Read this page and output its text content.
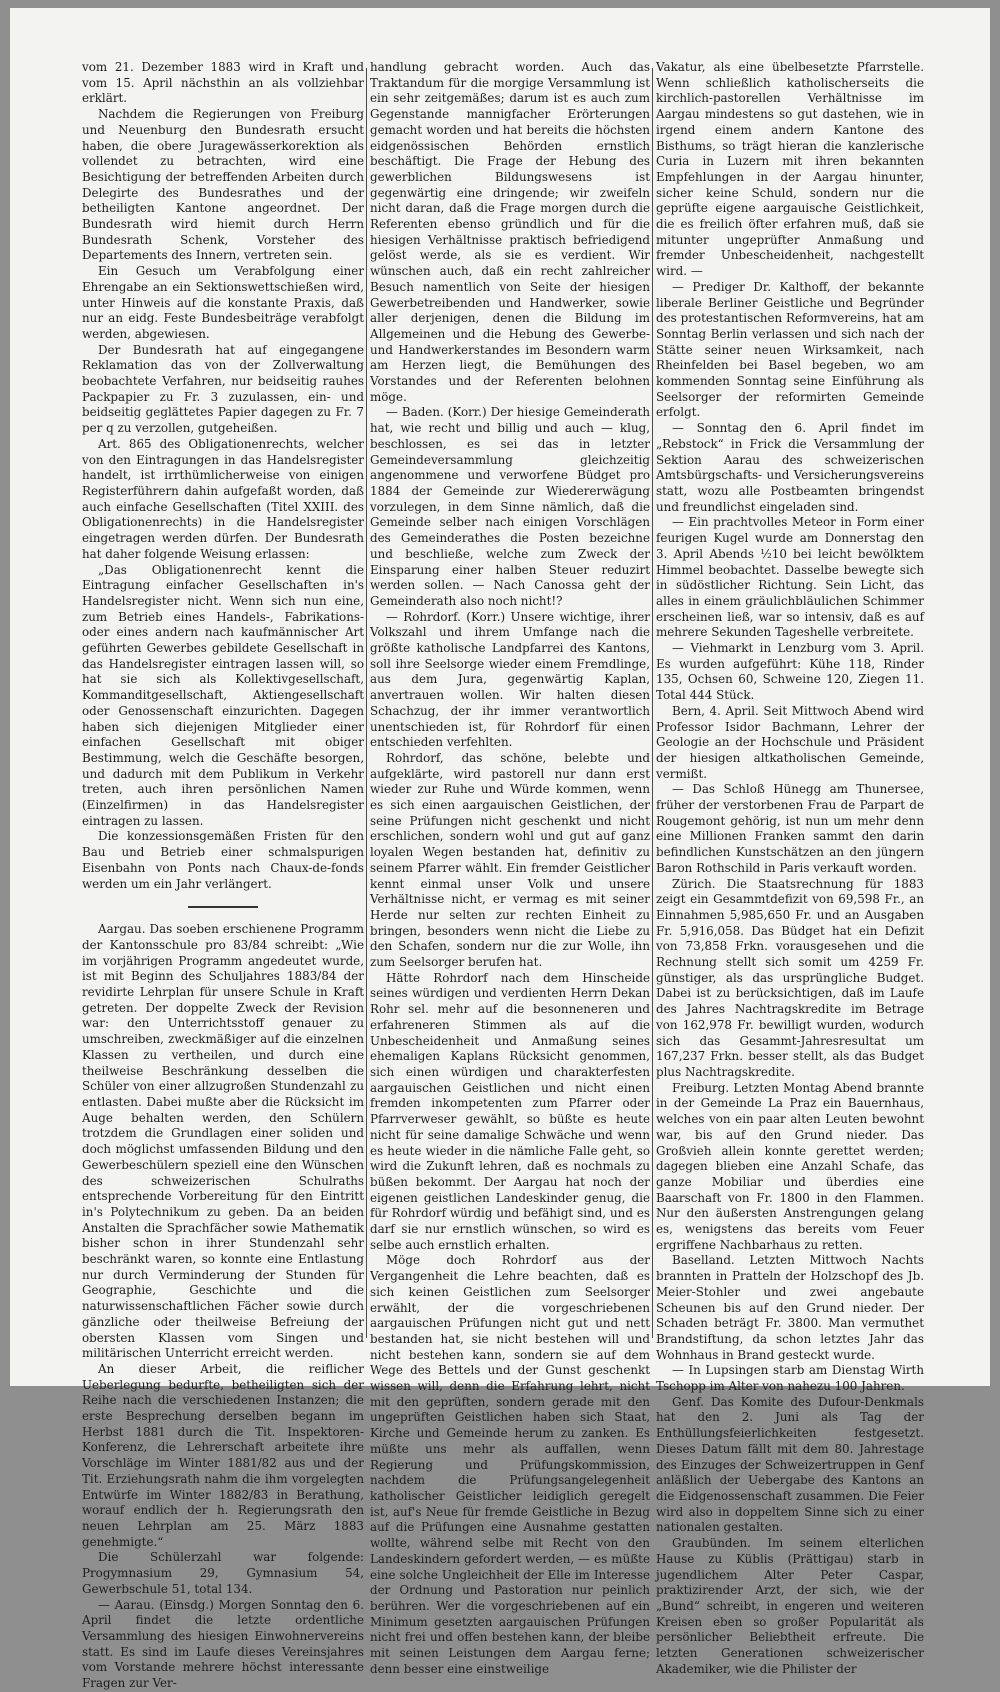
vom 21. Dezember 1883 wird in Kraft und vom 15. April nächsthin an als vollziehbar erklärt.

Nachdem die Regierungen von Freiburg und Neuenburg den Bundesrath ersucht haben, die obere Juragewässerkorektion als vollendet zu betrachten, wird eine Besichtigung der betreffenden Arbeiten durch Delegirte des Bundesrathes und der betheiligten Kantone angeordnet. Der Bundesrath wird hiemit durch Herrn Bundesrath Schenk, Vorsteher des Departements des Innern, vertreten sein.

Ein Gesuch um Verabfolgung einer Ehrengabe an ein Sektionswettschießen wird, unter Hinweis auf die konstante Praxis, daß nur an eidg. Feste Bundesbeiträge verabfolgt werden, abgewiesen.

Der Bundesrath hat auf eingegangene Reklamation das von der Zollverwaltung beobachtete Verfahren, nur beidseitig rauhes Packpapier zu Fr. 3 zuzulassen, ein- und beidseitig geglättetes Papier dagegen zu Fr. 7 per q zu verzollen, gutgeheißen.

Art. 865 des Obligationenrechts, welcher von den Eintragungen in das Handelsregister handelt, ist irrthümlicherweise von einigen Registerführern dahin aufgefaßt worden, daß auch einfache Gesellschaften (Titel XXIII. des Obligationenrechts) in die Handelsregister eingetragen werden dürfen. Der Bundesrath hat daher folgende Weisung erlassen:

„Das Obligationenrecht kennt die Eintragung einfacher Gesellschaften in's Handelsregister nicht. Wenn sich nun eine, zum Betrieb eines Handels-, Fabrikations- oder eines andern nach kaufmännischer Art geführten Gewerbes gebildete Gesellschaft in das Handelsregister eintragen lassen will, so hat sie sich als Kollektivgesellschaft, Kommanditgesellschaft, Aktiengesellschaft oder Genossenschaft einzurichten. Dagegen haben sich diejenigen Mitglieder einer einfachen Gesellschaft mit obiger Bestimmung, welch die Geschäfte besorgen, und dadurch mit dem Publikum in Verkehr treten, auch ihren persönlichen Namen (Einzelfirmen) in das Handelsregister eintragen zu lassen.

Die konzessionsgemäßen Fristen für den Bau und Betrieb einer schmalspurigen Eisenbahn von Ponts nach Chaux-de-fonds werden um ein Jahr verlängert.

Aargau. Das soeben erschienene Programm der Kantonsschule pro 83/84 schreibt: „Wie im vorjährigen Programm angedeutet wurde, ist mit Beginn des Schuljahres 1883/84 der revidirte Lehrplan für unsere Schule in Kraft getreten. Der doppelte Zweck der Revision war: den Unterrichtsstoff genauer zu umschreiben, zweckmäßiger auf die einzelnen Klassen zu vertheilen, und durch eine theilweise Beschränkung desselben die Schüler von einer allzugroßen Stundenzahl zu entlasten. Dabei mußte aber die Rücksicht im Auge behalten werden, den Schülern trotzdem die Grundlagen einer soliden und doch möglichst umfassenden Bildung und den Gewerbeschülern speziell eine den Wünschen des schweizerischen Schulraths entsprechende Vorbereitung für den Eintritt in's Polytechnikum zu geben. Da an beiden Anstalten die Sprachfächer sowie Mathematik bisher schon in ihrer Stundenzahl sehr beschränkt waren, so konnte eine Entlastung nur durch Verminderung der Stunden für Geographie, Geschichte und die naturwissenschaftlichen Fächer sowie durch gänzliche oder theilweise Befreiung der obersten Klassen vom Singen und militärischen Unterricht erreicht werden.

An dieser Arbeit, die reiflicher Ueberlegung bedurfte, betheiligten sich der Reihe nach die verschiedenen Instanzen; die erste Besprechung derselben begann im Herbst 1881 durch die Tit. Inspektoren-Konferenz, die Lehrerschaft arbeitete ihre Vorschläge im Winter 1881/82 aus und der Tit. Erziehungsrath nahm die ihm vorgelegten Entwürfe im Winter 1882/83 in Berathung, worauf endlich der h. Regierungsrath den neuen Lehrplan am 25. März 1883 genehmigte.“

Die Schülerzahl war folgende: Progymnasium 29, Gymnasium 54, Gewerbschule 51, total 134.

— Aarau. (Einsdg.) Morgen Sonntag den 6. April findet die letzte ordentliche Versammlung des hiesigen Einwohnervereins statt. Es sind im Laufe dieses Vereinsjahres vom Vorstande mehrere höchst interessante Fragen zur Ver-

handlung gebracht worden. Auch das Traktandum für die morgige Versammlung ist ein sehr zeitgemäßes; darum ist es auch zum Gegenstande mannigfacher Erörterungen gemacht worden und hat bereits die höchsten eidgenössischen Behörden ernstlich beschäftigt. Die Frage der Hebung des gewerblichen Bildungswesens ist gegenwärtig eine dringende; wir zweifeln nicht daran, daß die Frage morgen durch die Referenten ebenso gründlich und für die hiesigen Verhältnisse praktisch befriedigend gelöst werde, als sie es verdient. Wir wünschen auch, daß ein recht zahlreicher Besuch namentlich von Seite der hiesigen Gewerbetreibenden und Handwerker, sowie aller derjenigen, denen die Bildung im Allgemeinen und die Hebung des Gewerbe- und Handwerkerstandes im Besondern warm am Herzen liegt, die Bemühungen des Vorstandes und der Referenten belohnen möge.

— Baden. (Korr.) Der hiesige Gemeinderath hat, wie recht und billig und auch — klug, beschlossen, es sei das in letzter Gemeindeversammlung gleichzeitig angenommene und verworfene Büdget pro 1884 der Gemeinde zur Wiedererwägung vorzulegen, in dem Sinne nämlich, daß die Gemeinde selber nach einigen Vorschlägen des Gemeinderathes die Posten bezeichne und beschließe, welche zum Zweck der Einsparung einer halben Steuer reduzirt werden sollen. — Nach Canossa geht der Gemeinderath also noch nicht!?

— Rohrdorf. (Korr.) Unsere wichtige, ihrer Volkszahl und ihrem Umfange nach die größte katholische Landpfarrei des Kantons, soll ihre Seelsorge wieder einem Fremdlinge, aus dem Jura, gegenwärtig Kaplan, anvertrauen wollen. Wir halten diesen Schachzug, der ihr immer verantwortlich unentschieden ist, für Rohrdorf für einen entschieden verfehlten.

Rohrdorf, das schöne, belebte und aufgeklärte, wird pastorell nur dann erst wieder zur Ruhe und Würde kommen, wenn es sich einen aargauischen Geistlichen, der seine Prüfungen nicht geschenkt und nicht erschlichen, sondern wohl und gut auf ganz loyalen Wegen bestanden hat, definitiv zu seinem Pfarrer wählt. Ein fremder Geistlicher kennt einmal unser Volk und unsere Verhältnisse nicht, er vermag es mit seiner Herde nur selten zur rechten Einheit zu bringen, besonders wenn nicht die Liebe zu den Schafen, sondern nur die zur Wolle, ihn zum Seelsorger berufen hat.

Hätte Rohrdorf nach dem Hinscheide seines würdigen und verdienten Herrn Dekan Rohr sel. mehr auf die besonneneren und erfahreneren Stimmen als auf die Unbescheidenheit und Anmaßung seines ehemaligen Kaplans Rücksicht genommen, sich einen würdigen und charakterfesten aargauischen Geistlichen und nicht einen fremden inkompetenten zum Pfarrer oder Pfarrverweser gewählt, so büßte es heute nicht für seine damalige Schwäche und wenn es heute wieder in die nämliche Falle geht, so wird die Zukunft lehren, daß es nochmals zu büßen bekommt. Der Aargau hat noch der eigenen geistlichen Landeskinder genug, die für Rohrdorf würdig und befähigt sind, und es darf sie nur ernstlich wünschen, so wird es selbe auch ernstlich erhalten.

Möge doch Rohrdorf aus der Vergangenheit die Lehre beachten, daß es sich keinen Geistlichen zum Seelsorger erwählt, der die vorgeschriebenen aargauischen Prüfungen nicht gut und nett bestanden hat, sie nicht bestehen will und nicht bestehen kann, sondern sie auf dem Wege des Bettels und der Gunst geschenkt wissen will, denn die Erfahrung lehrt, nicht mit den geprüften, sondern gerade mit den ungeprüften Geistlichen haben sich Staat, Kirche und Gemeinde herum zu zanken. Es müßte uns mehr als auffallen, wenn Regierung und Prüfungskommission, nachdem die Prüfungsangelegenheit katholischer Geistlicher leidiglich geregelt ist, auf's Neue für fremde Geistliche in Bezug auf die Prüfungen eine Ausnahme gestatten wollte, während selbe mit Recht von den Landeskindern gefordert werden, — es müßte eine solche Ungleichheit der Elle im Interesse der Ordnung und Pastoration nur peinlich berühren. Wer die vorgeschriebenen auf ein Minimum gesetzten aargauischen Prüfungen nicht frei und offen bestehen kann, der bleibe mit seinen Leistungen dem Aargau ferne; denn besser eine einstweilige

Vakatur, als eine übelbesetzte Pfarrstelle. Wenn schließlich katholischerseits die kirchlich-pastorellen Verhältnisse im Aargau mindestens so gut dastehen, wie in irgend einem andern Kantone des Bisthums, so trägt hieran die kanzlerische Curia in Luzern mit ihren bekannten Empfehlungen in der Aargau hinunter, sicher keine Schuld, sondern nur die geprüfte eigene aargauische Geistlichkeit, die es freilich öfter erfahren muß, daß sie mitunter ungeprüfter Anmaßung und fremder Unbescheidenheit, nachgestellt wird. —

— Prediger Dr. Kalthoff, der bekannte liberale Berliner Geistliche und Begründer des protestantischen Reformvereins, hat am Sonntag Berlin verlassen und sich nach der Stätte seiner neuen Wirksamkeit, nach Rheinfelden bei Basel begeben, wo am kommenden Sonntag seine Einführung als Seelsorger der reformirten Gemeinde erfolgt.

— Sonntag den 6. April findet im „Rebstock“ in Frick die Versammlung der Sektion Aarau des schweizerischen Amtsbürgschafts- und Versicherungsvereins statt, wozu alle Postbeamten bringendst und freundlichst eingeladen sind.

— Ein prachtvolles Meteor in Form einer feurigen Kugel wurde am Donnerstag den 3. April Abends ½10 bei leicht bewölktem Himmel beobachtet. Dasselbe bewegte sich in südöstlicher Richtung. Sein Licht, das alles in einem gräulichbläulichen Schimmer erscheinen ließ, war so intensiv, daß es auf mehrere Sekunden Tageshelle verbreitete.

— Viehmarkt in Lenzburg vom 3. April. Es wurden aufgeführt: Kühe 118, Rinder 135, Ochsen 60, Schweine 120, Ziegen 11. Total 444 Stück.

Bern, 4. April. Seit Mittwoch Abend wird Professor Isidor Bachmann, Lehrer der Geologie an der Hochschule und Präsident der hiesigen altkatholischen Gemeinde, vermißt.

— Das Schloß Hünegg am Thunersee, früher der verstorbenen Frau de Parpart de Rougemont gehörig, ist nun um mehr denn eine Millionen Franken sammt den darin befindlichen Kunstschätzen an den jüngern Baron Rothschild in Paris verkauft worden.

Zürich. Die Staatsrechnung für 1883 zeigt ein Gesammtdefizit von 69,598 Fr., an Einnahmen 5,985,650 Fr. und an Ausgaben Fr. 5,916,058. Das Büdget hat ein Defizit von 73,858 Frkn. vorausgesehen und die Rechnung stellt sich somit um 4259 Fr. günstiger, als das ursprüngliche Budget. Dabei ist zu berücksichtigen, daß im Laufe des Jahres Nachtragskredite im Betrage von 162,978 Fr. bewilligt wurden, wodurch sich das Gesammt-Jahresresultat um 167,237 Frkn. besser stellt, als das Budget plus Nachtragskredite.

Freiburg. Letzten Montag Abend brannte in der Gemeinde La Praz ein Bauernhaus, welches von ein paar alten Leuten bewohnt war, bis auf den Grund nieder. Das Großvieh allein konnte gerettet werden; dagegen blieben eine Anzahl Schafe, das ganze Mobiliar und überdies eine Baarschaft von Fr. 1800 in den Flammen. Nur den äußersten Anstrengungen gelang es, wenigstens das bereits vom Feuer ergriffene Nachbarhaus zu retten.

Baselland. Letzten Mittwoch Nachts brannten in Pratteln der Holzschopf des Jb. Meier-Stohler und zwei angebaute Scheunen bis auf den Grund nieder. Der Schaden beträgt Fr. 3800. Man vermuthet Brandstiftung, da schon letztes Jahr das Wohnhaus in Brand gesteckt wurde.

— In Lupsingen starb am Dienstag Wirth Tschopp im Alter von nahezu 100 Jahren.

Genf. Das Komite des Dufour-Denkmals hat den 2. Juni als Tag der Enthüllungsfeierlichkeiten festgesetzt. Dieses Datum fällt mit dem 80. Jahrestage des Einzuges der Schweizertruppen in Genf anläßlich der Uebergabe des Kantons an die Eidgenossenschaft zusammen. Die Feier wird also in doppeltem Sinne sich zu einer nationalen gestalten.

Graubünden. Im seinem elterlichen Hause zu Küblis (Prättigau) starb in jugendlichem Alter Peter Caspar, praktizirender Arzt, der sich, wie der „Bund“ schreibt, in engeren und weiteren Kreisen eben so großer Popularität als persönlicher Beliebtheit erfreute. Die letzten Generationen schweizerischer Akademiker, wie die Philister der
